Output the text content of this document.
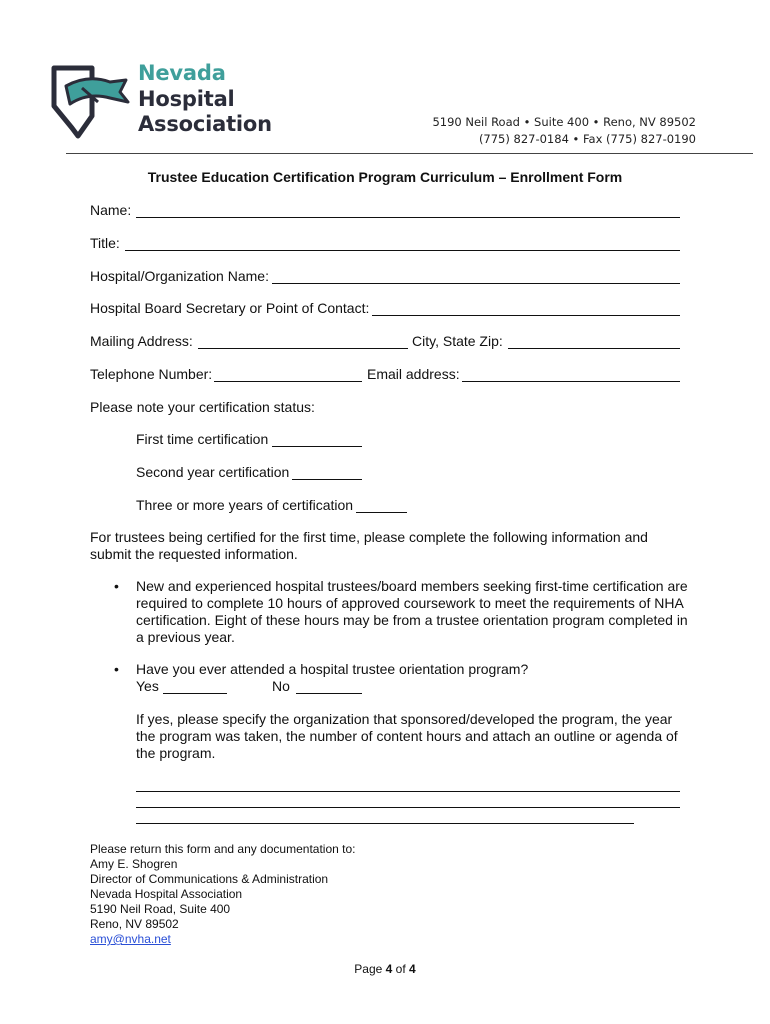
Nevada
Hospital
Association	5190 Neil Road • Suite 400 • Reno, NV 89502
(775) 827-0184 • Fax (775) 827-0190
Trustee Education Certification Program Curriculum – Enrollment Form
Name:
Title:
Hospital/Organization Name:
Hospital Board Secretary or Point of Contact:
Mailing Address:	City, State Zip:
Telephone Number:	Email address:
Please note your certification status:
First time certification
Second year certification
Three or more years of certification
For trustees being certified for the first time, please complete the following information and submit the requested information.
• New and experienced hospital trustees/board members seeking first-time certification are required to complete 10 hours of approved coursework to meet the requirements of NHA certification. Eight of these hours may be from a trustee orientation program completed in a previous year.
• Have you ever attended a hospital trustee orientation program?
Yes	No
If yes, please specify the organization that sponsored/developed the program, the year the program was taken, the number of content hours and attach an outline or agenda of the program.
Please return this form and any documentation to:
Amy E. Shogren
Director of Communications & Administration
Nevada Hospital Association
5190 Neil Road, Suite 400
Reno, NV 89502
amy@nvha.net
Page 4 of 4
